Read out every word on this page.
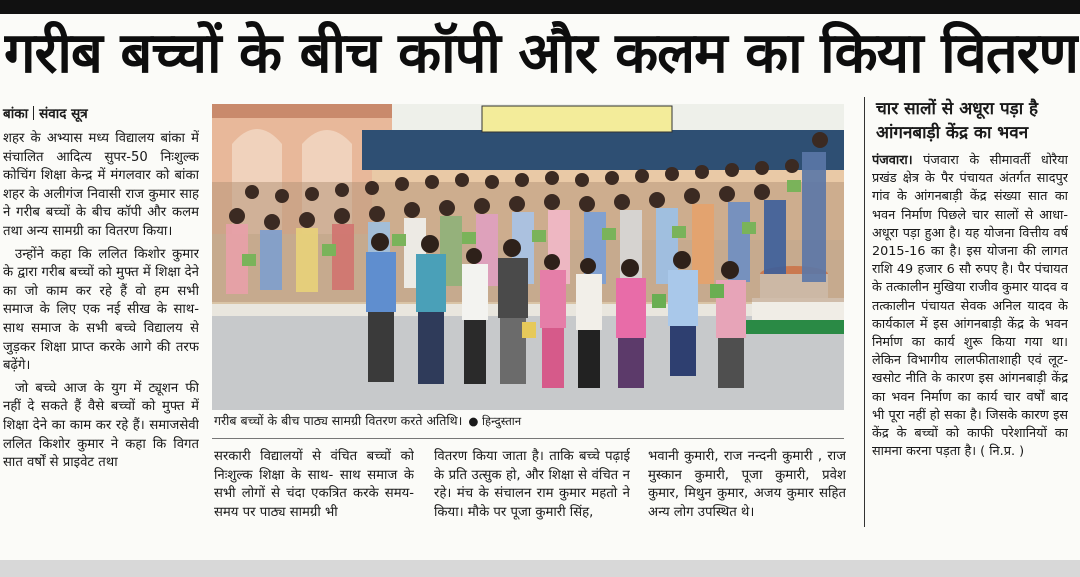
गरीब बच्चों के बीच कॉपी और कलम का किया वितरण
बांका संवाद सूत्र

शहर के अभ्यास मध्य विद्यालय बांका में संचालित आदित्य सुपर-50 निःशुल्क कोचिंग शिक्षा केन्द्र में मंगलवार को बांका शहर के अलीगंज निवासी राज कुमार साह ने गरीब बच्चों के बीच कॉपी और कलम तथा अन्य सामग्री का वितरण किया।

उन्होंने कहा कि ललित किशोर कुमार के द्वारा गरीब बच्चों को मुफ्त में शिक्षा देने का जो काम कर रहे हैं वो हम सभी समाज के लिए एक नई सीख के साथ-साथ समाज के सभी बच्चे विद्यालय से जुड़कर शिक्षा प्राप्त करके आगे की तरफ बढ़ेंगे।

जो बच्चे आज के युग में ट्यूशन फी नहीं दे सकते हैं वैसे बच्चों को मुफ्त में शिक्षा देने का काम कर रहे हैं। समाजसेवी ललित किशोर कुमार ने कहा कि विगत सात वर्षों से प्राइवेट तथा

गरीब बच्चों के बीच पाठ्य सामग्री वितरण करते अतिथि। ● हिन्दुस्तान
सरकारी विद्यालयों से वंचित बच्चों को निःशुल्क शिक्षा के साथ- साथ समाज के सभी लोगों से चंदा एकत्रित करके समय-समय पर पाठ्य सामग्री भी
वितरण किया जाता है। ताकि बच्चे पढ़ाई के प्रति उत्सुक हो, और शिक्षा से वंचित न रहे। मंच के संचालन राम कुमार महतो ने किया। मौके पर पूजा कुमारी सिंह,
भवानी कुमारी, राज नन्दनी कुमारी , राज मुस्कान कुमारी, पूजा कुमारी, प्रवेश कुमार, मिथुन कुमार, अजय कुमार सहित अन्य लोग उपस्थित थे।
चार सालों से अधूरा पड़ा है आंगनबाड़ी केंद्र का भवन
पंजवारा। पंजवारा के सीमावर्ती धोरैया प्रखंड क्षेत्र के पैर पंचायत अंतर्गत सादपुर गांव के आंगनबाड़ी केंद्र संख्या सात का भवन निर्माण पिछले चार सालों से आधा-अधूरा पड़ा हुआ है। यह योजना वित्तीय वर्ष 2015-16 का है। इस योजना की लागत राशि 49 हजार 6 सौ रुपए है। पैर पंचायत के तत्कालीन मुखिया राजीव कुमार यादव व तत्कालीन पंचायत सेवक अनिल यादव के कार्यकाल में इस आंगनबाड़ी केंद्र के भवन निर्माण का कार्य शुरू किया गया था। लेकिन विभागीय लालफीताशाही एवं लूट-खसोट नीति के कारण इस आंगनबाड़ी केंद्र का भवन निर्माण का कार्य चार वर्षों बाद भी पूरा नहीं हो सका है। जिसके कारण इस केंद्र के बच्चों को काफी परेशानियों का सामना करना पड़ता है। ( नि.प्र. )
